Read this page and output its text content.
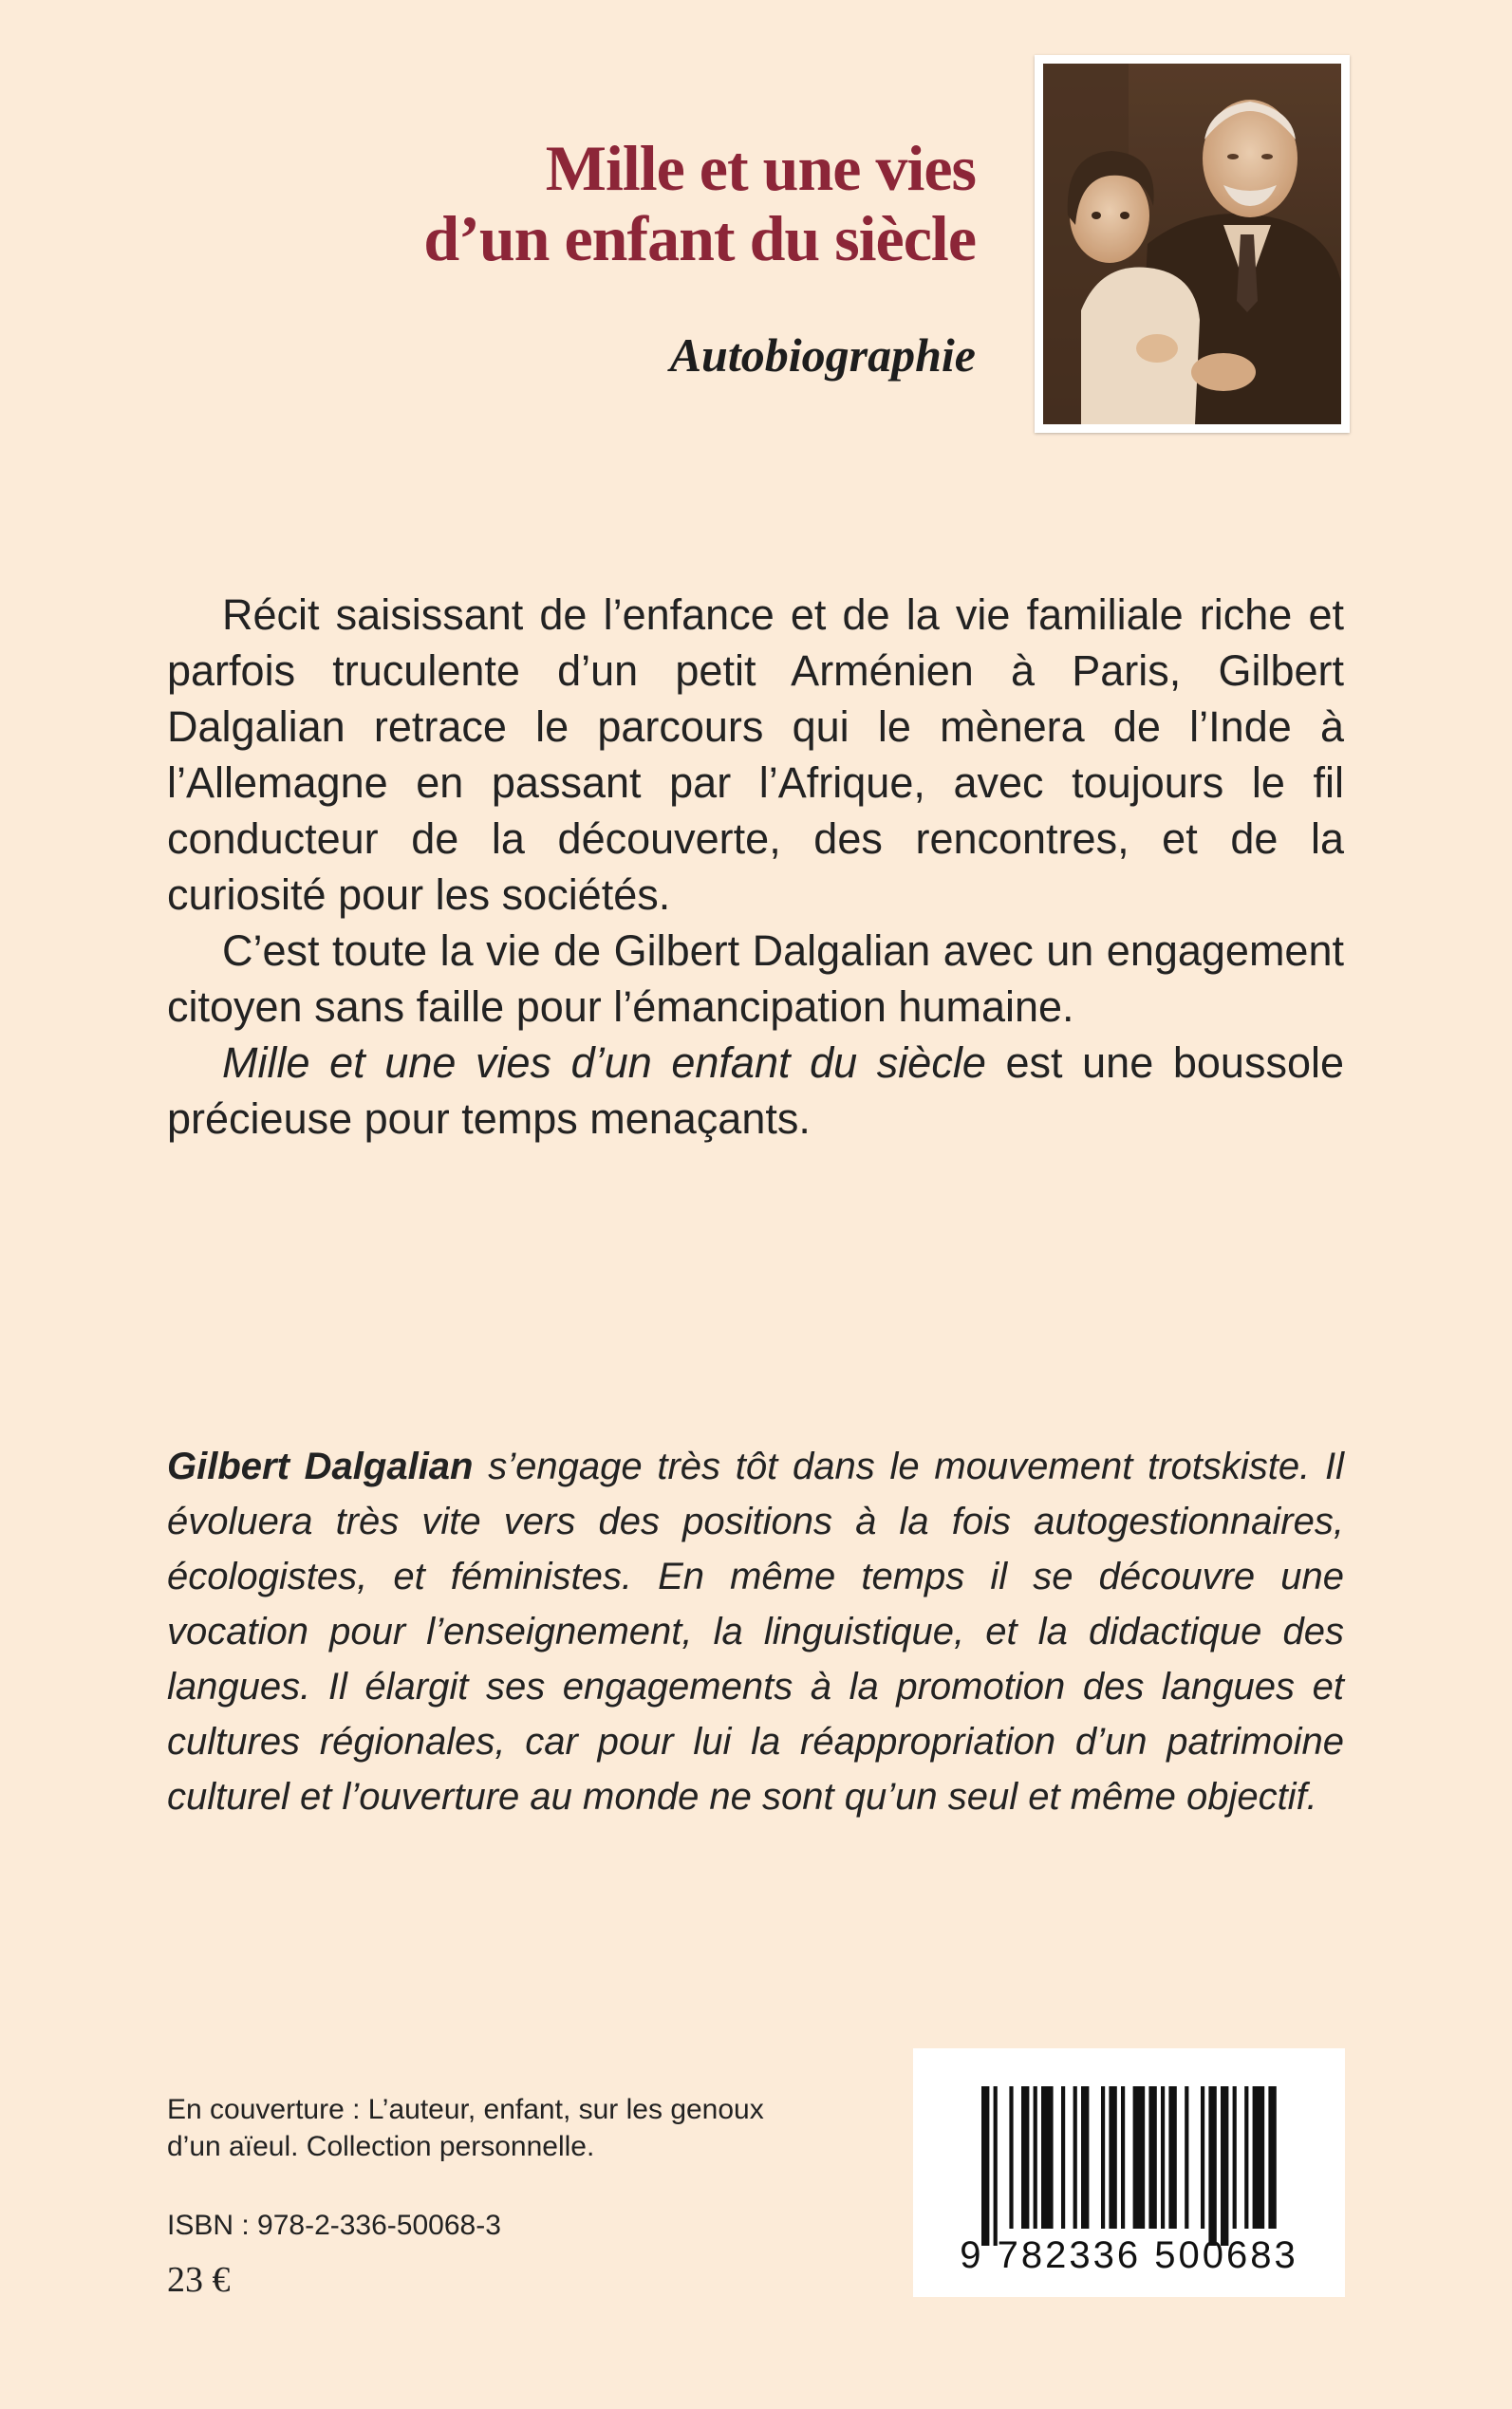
Mille et une vies
d’un enfant du siècle

Autobiographie

Récit saisissant de l’enfance et de la vie familiale riche et parfois truculente d’un petit Arménien à Paris, Gilbert Dalgalian retrace le parcours qui le mènera de l’Inde à l’Allemagne en passant par l’Afrique, avec toujours le fil conducteur de la découverte, des rencontres, et de la curiosité pour les sociétés.

C’est toute la vie de Gilbert Dalgalian avec un engagement citoyen sans faille pour l’émancipation humaine.

Mille et une vies d’un enfant du siècle est une boussole précieuse pour temps menaçants.

Gilbert Dalgalian s’engage très tôt dans le mouvement trotskiste. Il évoluera très vite vers des positions à la fois autogestionnaires, écologistes, et féministes. En même temps il se découvre une vocation pour l’enseignement, la linguistique, et la didactique des langues. Il élargit ses engagements à la promotion des langues et cultures régionales, car pour lui la réappropriation d’un patrimoine culturel et l’ouverture au monde ne sont qu’un seul et même objectif.

En couverture : L’auteur, enfant, sur les genoux
d’un aïeul. Collection personnelle.

ISBN : 978-2-336-50068-3

23 €

9 782336 500683
